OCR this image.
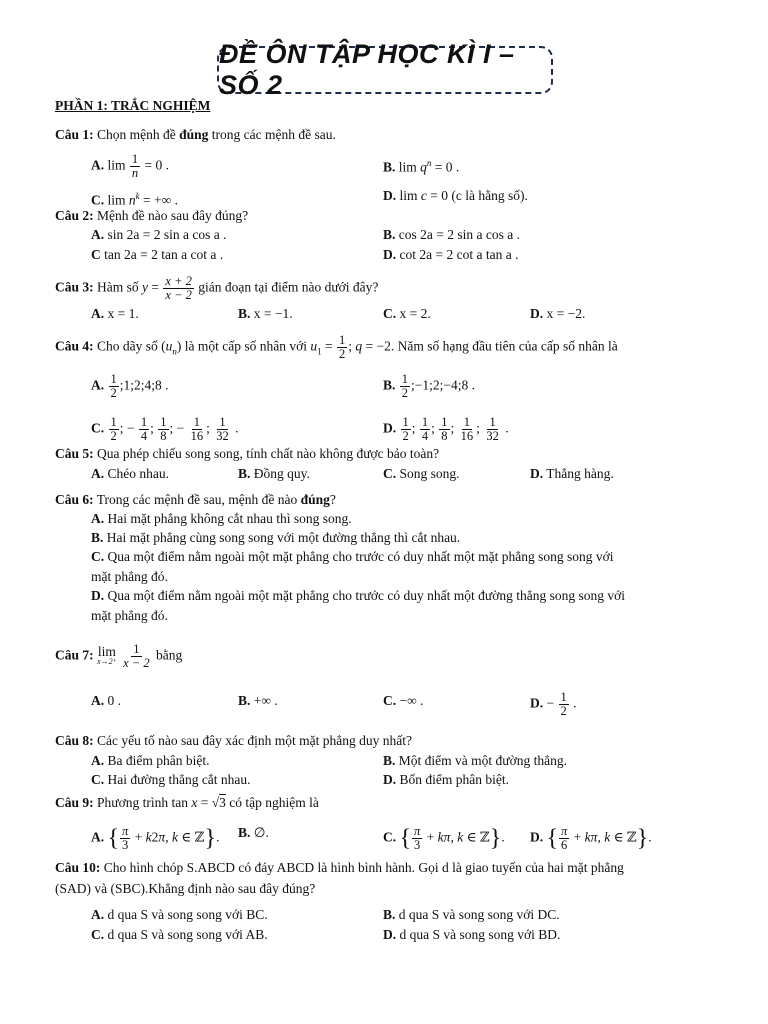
ĐỀ ÔN TẬP HỌC KÌ I – SỐ 2
PHẦN 1: TRẮC NGHIỆM
Câu 1: Chọn mệnh đề đúng trong các mệnh đề sau.
A. $\lim \frac{1}{n} = 0$ .	B. $\lim q^n = 0$ .
C. $\lim n^k$ = +∞ .	D. lim c = 0 (c là hằng số).
Câu 2: Mệnh đề nào sau đây đúng?
A. sin 2a = 2 sin a cos a .	B. cos 2a = 2 sin a cos a .
C tan 2a = 2 tan a cot a .	D. cot 2a = 2 cot a tan a .
Câu 3: Hàm số $y = \frac{x + 2}{x - 2}$ gián đoạn tại điểm nào dưới đây?
A. x = 1.	B. x = −1.	C. x = 2.	D. x = −2.
Câu 4: Cho dãy số $(u_n)$ là một cấp số nhân với $u_1 = \frac{1}{2}$ ; q = −2. Năm số hạng đầu tiên của cấp số nhân là
A. $\frac{1}{2}$ ;1;2;4;8 .	B. $\frac{1}{2}$ ;−1;2;−4;8 .
C. $\frac{1}{2}$ ; − $\frac{1}{4}$ ; $\frac{1}{8}$ ; − $\frac{1}{16}$ ; $\frac{1}{32}$ .	D. $\frac{1}{2}$ ; $\frac{1}{4}$ ; $\frac{1}{8}$ ; $\frac{1}{16}$ ; $\frac{1}{32}$ .
Câu 5: Qua phép chiếu song song, tính chất nào không được bảo toàn?
A. Chéo nhau.	B. Đồng quy.	C. Song song.	D. Thẳng hàng.
Câu 6: Trong các mệnh đề sau, mệnh đề nào đúng?
A. Hai mặt phẳng không cắt nhau thì song song.
B. Hai mặt phẳng cùng song song với một đường thẳng thì cắt nhau.
C. Qua một điểm nằm ngoài một mặt phẳng cho trước có duy nhất một mặt phẳng song song với
mặt phẳng đó.
D. Qua một điểm nằm ngoài một mặt phẳng cho trước có duy nhất một đường thẳng song song với
mặt phẳng đó.
Câu 7: lim
x→2⁺
$\frac{1}{x - 2}$ bằng
A. 0 .	B. +∞ .	C. −∞ .	D. − $\frac{1}{2}$ .
Câu 8: Các yếu tố nào sau đây xác định một mặt phẳng duy nhất?
A. Ba điểm phân biệt.	B. Một điểm và một đường thẳng.
C. Hai đường thẳng cắt nhau.	D. Bốn điểm phân biệt.
Câu 9: Phương trình tan x = √3 có tập nghiệm là
A. { $\frac{\pi}{3} + k2\pi$, k ∈ ℤ}. B. ∅.	C. { $\frac{\pi}{3} + k\pi$, k ∈ ℤ}. D. { $\frac{\pi}{6} + k\pi$, k ∈ ℤ}.
Câu 10: Cho hình chóp S.ABCD có đáy ABCD là hình bình hành. Gọi d là giao tuyến của hai mặt phẳng
(SAD) và (SBC).Khẳng định nào sau đây đúng?
A. d qua S và song song với BC.	B. d qua S và song song với DC.
C. d qua S và song song với AB.	D. d qua S và song song với BD.
